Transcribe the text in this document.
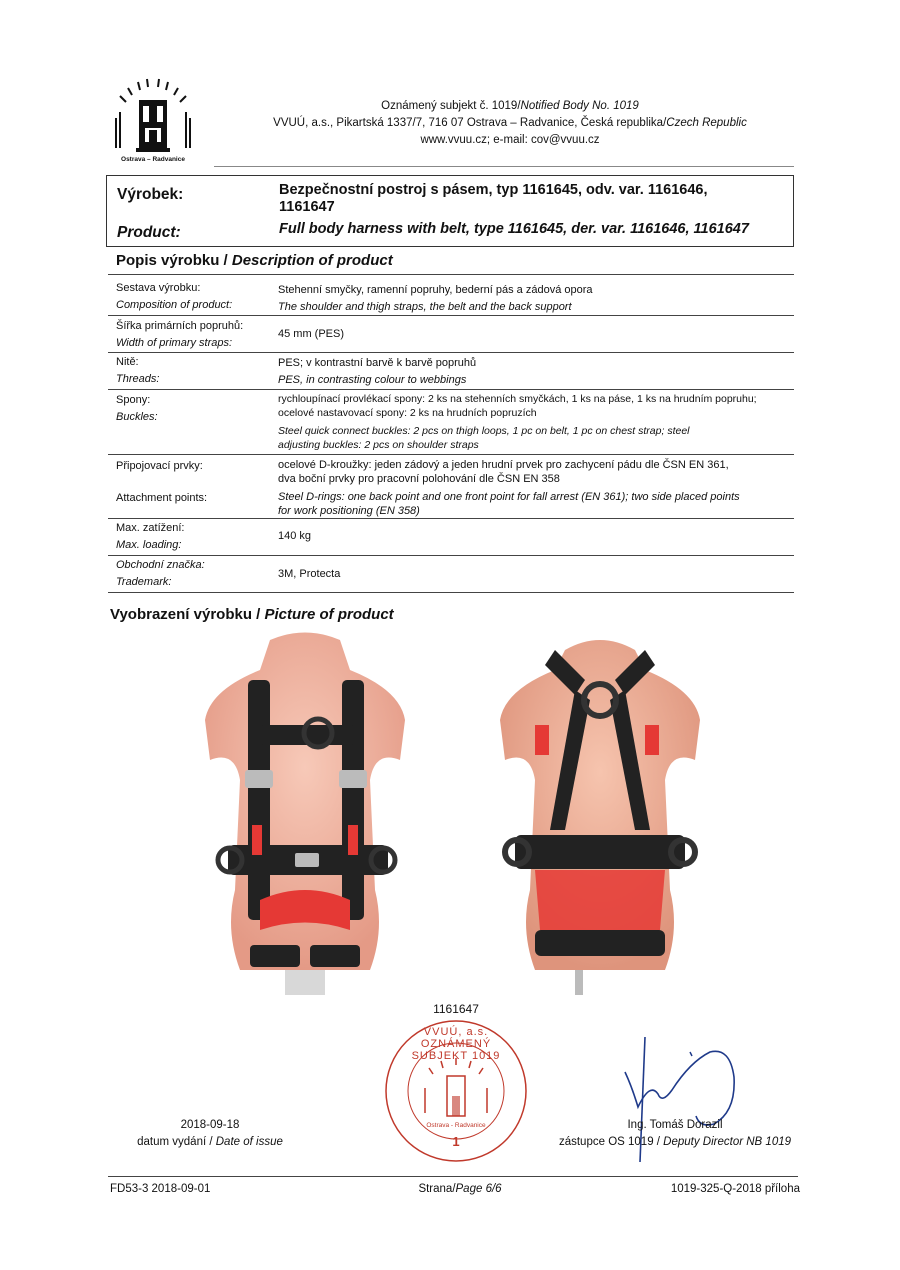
Ostrava – Radvanice
Oznámený subjekt č. 1019/Notified Body No. 1019
VVUÚ, a.s., Pikartská 1337/7, 716 07 Ostrava – Radvanice, Česká republika/Czech Republic
www.vvuu.cz; e-mail: cov@vvuu.cz
Výrobek:
Product:
Bezpečnostní postroj s pásem, typ 1161645, odv. var. 1161646,
1161647
Full body harness with belt, type 1161645, der. var. 1161646, 1161647
Popis výrobku / Description of product
Sestava výrobku:
Composition of product:
Stehenní smyčky, ramenní popruhy, bederní pás a zádová opora
The shoulder and thigh straps, the belt and the back support
Šířka primárních popruhů:
Width of primary straps:
45 mm (PES)
Nitě:
Threads:
PES; v kontrastní barvě k barvě popruhů
PES, in contrasting colour to webbings
Spony:
Buckles:
rychloupínací provlékací spony: 2 ks na stehenních smyčkách, 1 ks na pásе, 1 ks na hrudním popruhu;
ocelové nastavovací spony: 2 ks na hrudních popruzích
Steel quick connect buckles: 2 pcs on thigh loops, 1 pc on belt, 1 pc on chest strap; steel
adjusting buckles: 2 pcs on shoulder straps
Připojovací prvky:
Attachment points:
ocelové D-kroužky: jeden zádový a jeden hrudní prvek pro zachycení pádu dle ČSN EN 361,
dva boční prvky pro pracovní polohování dle ČSN EN 358
Steel D-rings: one back point and one front point for fall arrest (EN 361); two side placed points
for work positioning (EN 358)
Max. zatížení:
Max. loading:
140 kg
Obchodní značka:
Trademark:
3M, Protecta
Vyobrazení výrobku / Picture of product
1161647
VVUÚ, a.s. OZNÁMENÝ SUBJEKT 1019
Ostrava - Radvanice
1
2018-09-18
datum vydání / Date of issue
Ing. Tomáš Dorazil
zástupce OS 1019 / Deputy Director NB 1019
FD53-3 2018-09-01	Strana/Page 6/6	1019-325-Q-2018 příloha
